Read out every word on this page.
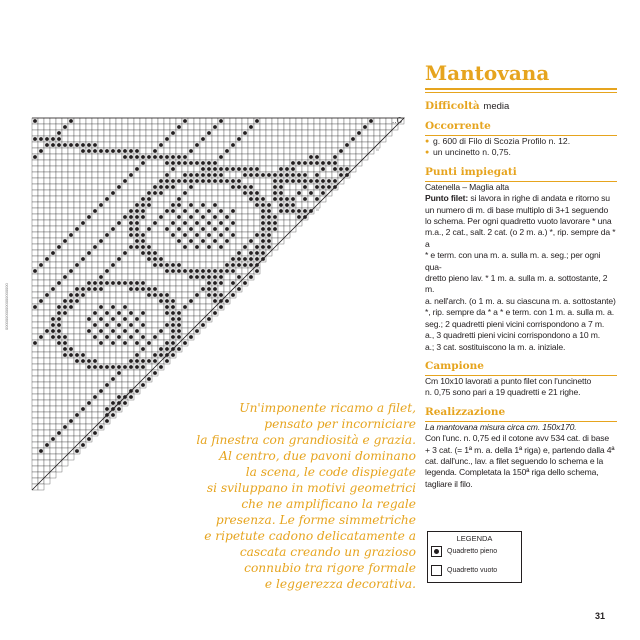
000000000000000000000
..C
Un'imponente ricamo a filet,
pensato per incorniciare
la finestra con grandiosità e grazia.
Al centro, due pavoni dominano
la scena, le code dispiegate
si sviluppano in motivi geometrici
che ne amplificano la regale
presenza. Le forme simmetriche
e ripetute cadono delicatamente a
cascata creando un grazioso
connubio tra rigore formale
e leggerezza decorativa.
Mantovana
Difficoltà media
Occorrente
● g. 600 di Filo di Scozia Profilo n. 12.
● un uncinetto n. 0,75.
Punti impiegati
Catenella – Maglia alta
Punto filet: si lavora in righe di andata e ritorno su
un numero di m. di base multiplo di 3+1 seguendo
lo schema. Per ogni quadretto vuoto lavorare * una
m.a., 2 cat., salt. 2 cat. (o 2 m. a.) *, rip. sempre da * a
* e term. con una m. a. sulla m. a. seg.; per ogni qua-
dretto pieno lav. * 1 m. a. sulla m. a. sottostante, 2 m.
a. nell'arch. (o 1 m. a. su ciascuna m. a. sottostante)
*, rip. sempre da * a * e term. con 1 m. a. sulla m. a.
seg.; 2 quadretti pieni vicini corrispondono a 7 m.
a., 3 quadretti pieni vicini corrispondono a 10 m.
a.; 3 cat. sostituiscono la m. a. iniziale.
Campione
Cm 10x10 lavorati a punto filet con l'uncinetto
n. 0,75 sono pari a 19 quadretti e 21 righe.
Realizzazione
La mantovana misura circa cm. 150x170.
Con l'unc. n. 0,75 ed il cotone avv 534 cat. di base
+ 3 cat. (= 1ª m. a. della 1ª riga) e, partendo dalla 4ª
cat. dall'unc., lav. a filet seguendo lo schema e la
legenda. Completata la 150ª riga dello schema,
tagliare il filo.
LEGENDA
Quadretto pieno
Quadretto vuoto
31
